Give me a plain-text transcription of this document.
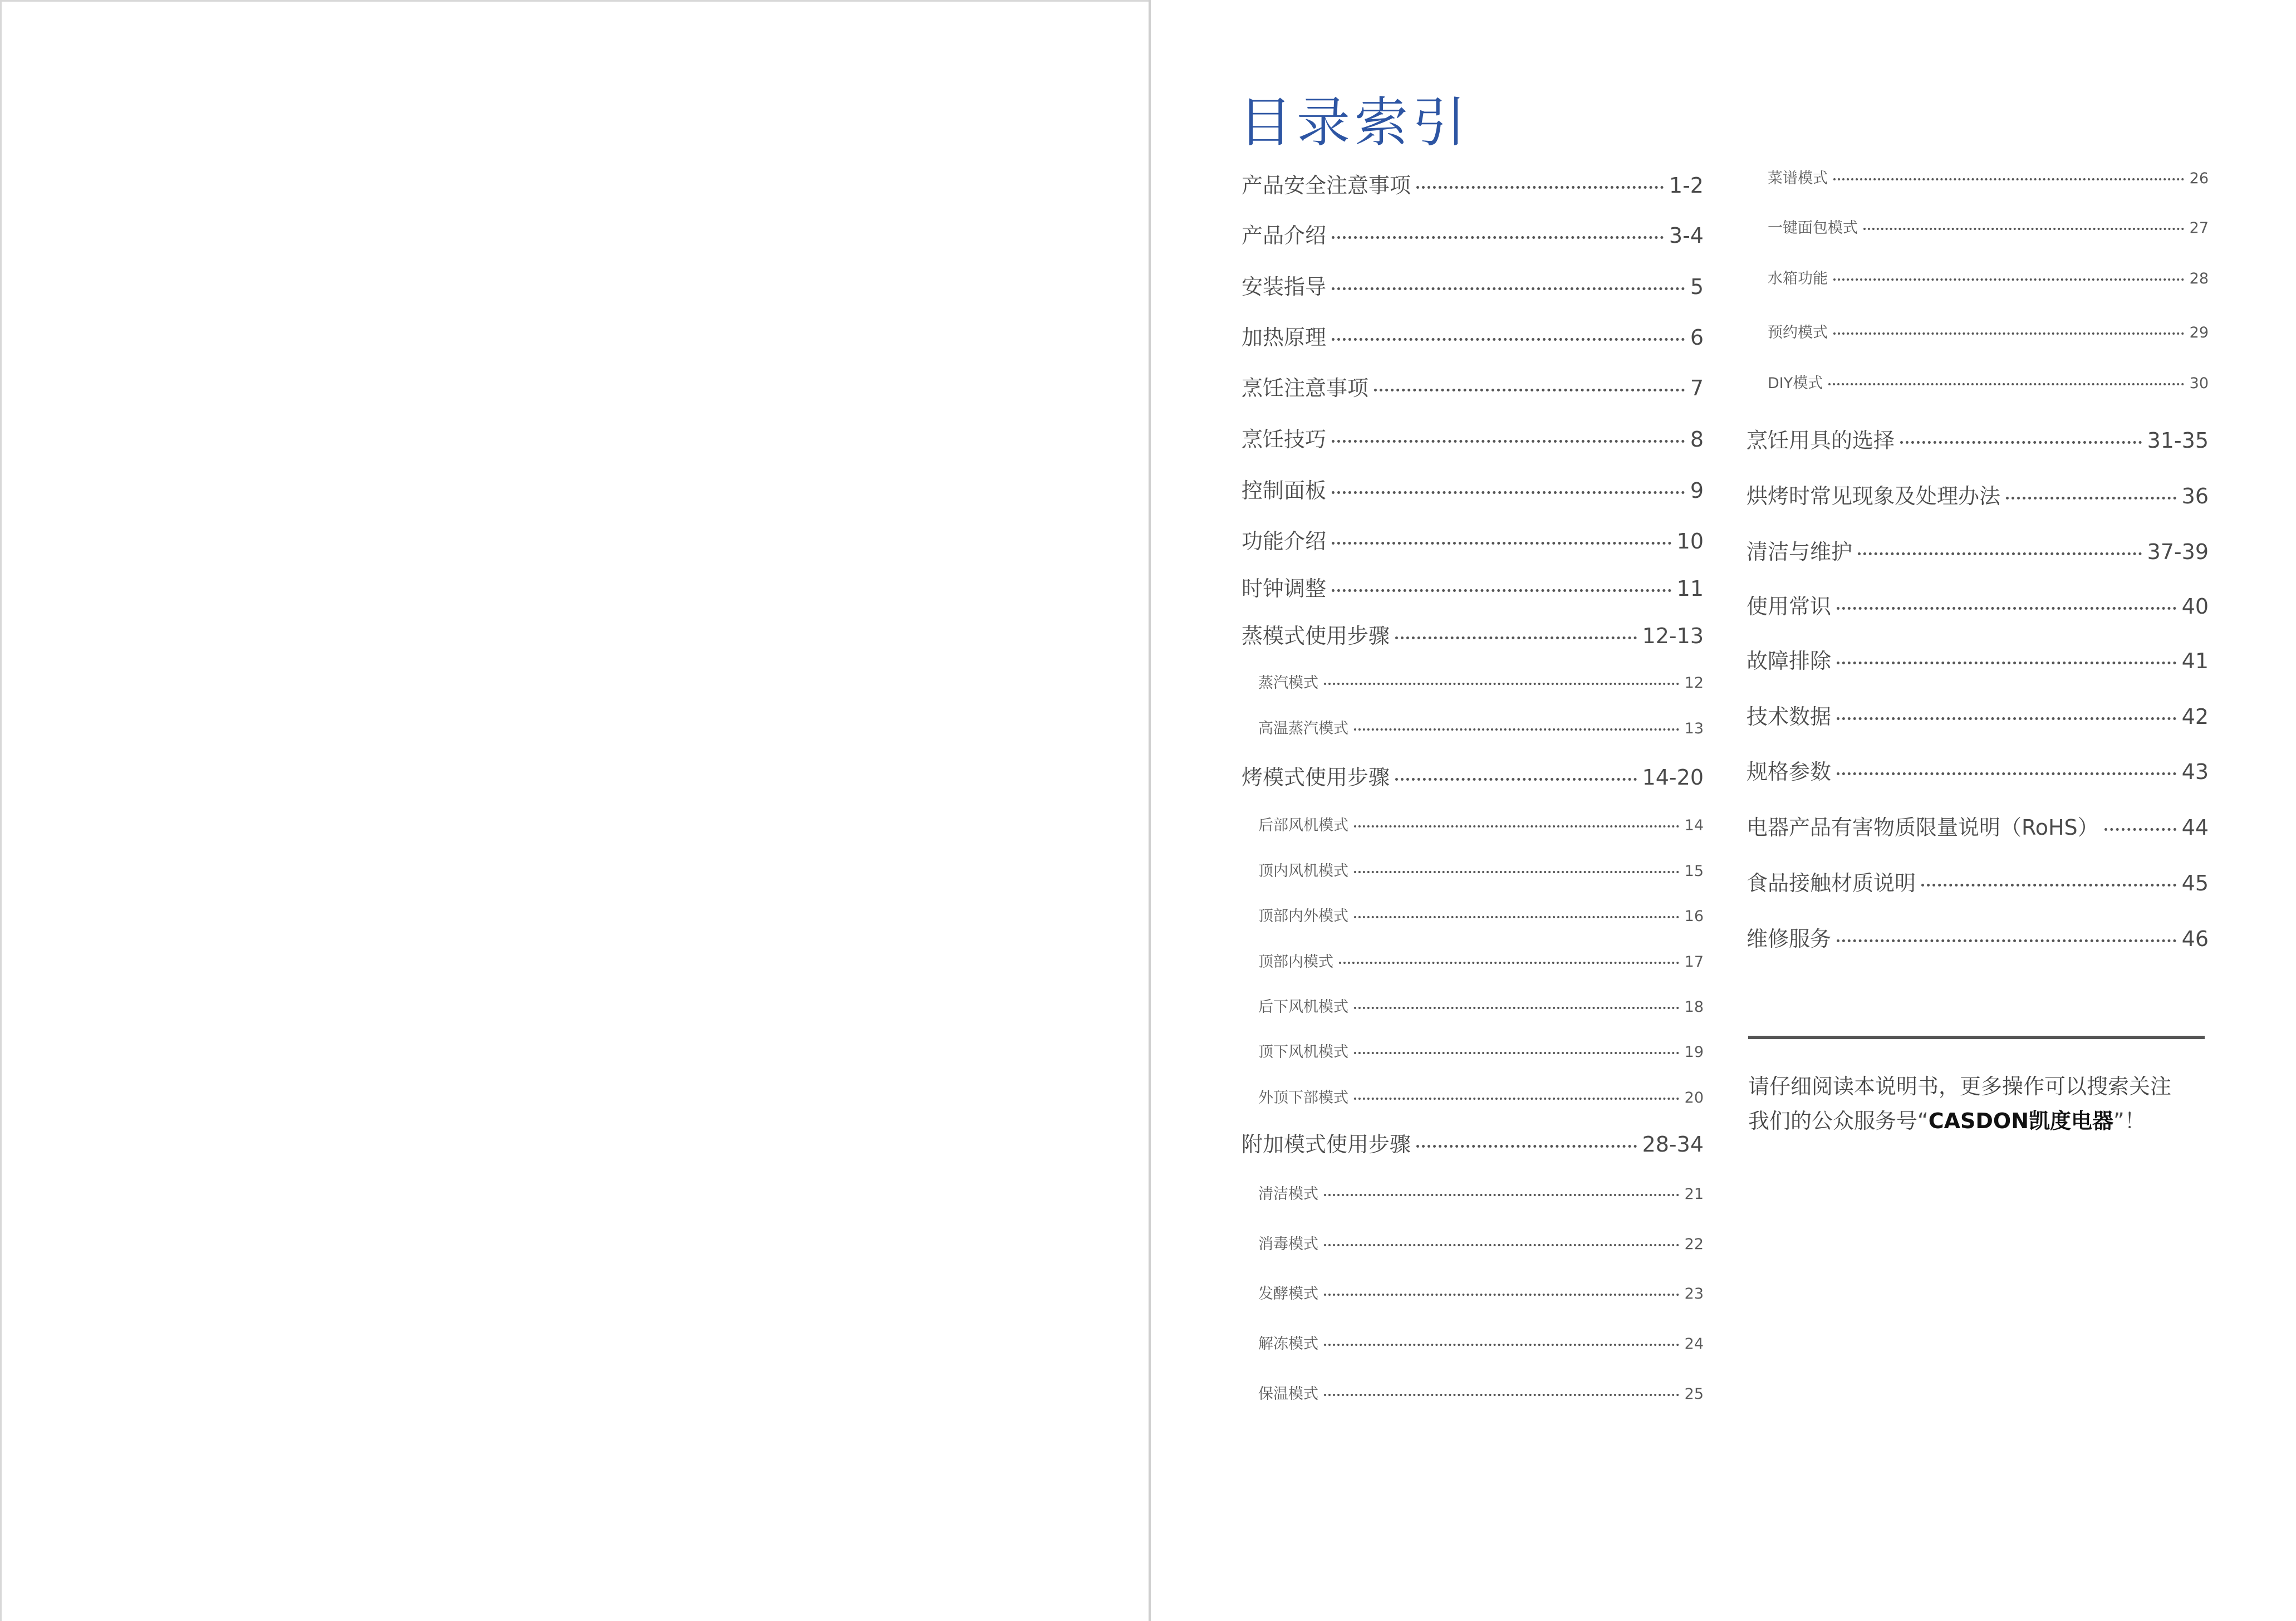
目录索引
产品安全注意事项	1-2
产品介绍	3-4
安装指导	5
加热原理	6
烹饪注意事项	7
烹饪技巧	8
控制面板	9
功能介绍	10
时钟调整	11
蒸模式使用步骤	12-13
蒸汽模式	12
高温蒸汽模式	13
烤模式使用步骤	14-20
后部风机模式	14
顶内风机模式	15
顶部内外模式	16
顶部内模式	17
后下风机模式	18
顶下风机模式	19
外顶下部模式	20
附加模式使用步骤	28-34
清洁模式	21
消毒模式	22
发酵模式	23
解冻模式	24
保温模式	25
菜谱模式	26
一键面包模式	27
水箱功能	28
预约模式	29
DIY模式	30
烹饪用具的选择	31-35
烘烤时常见现象及处理办法	36
清洁与维护	37-39
使用常识	40
故障排除	41
技术数据	42
规格参数	43
电器产品有害物质限量说明（RoHS）	44
食品接触材质说明	45
维修服务	46

请仔细阅读本说明书，更多操作可以搜索关注
我们的公众服务号“CASDON凯度电器”！
